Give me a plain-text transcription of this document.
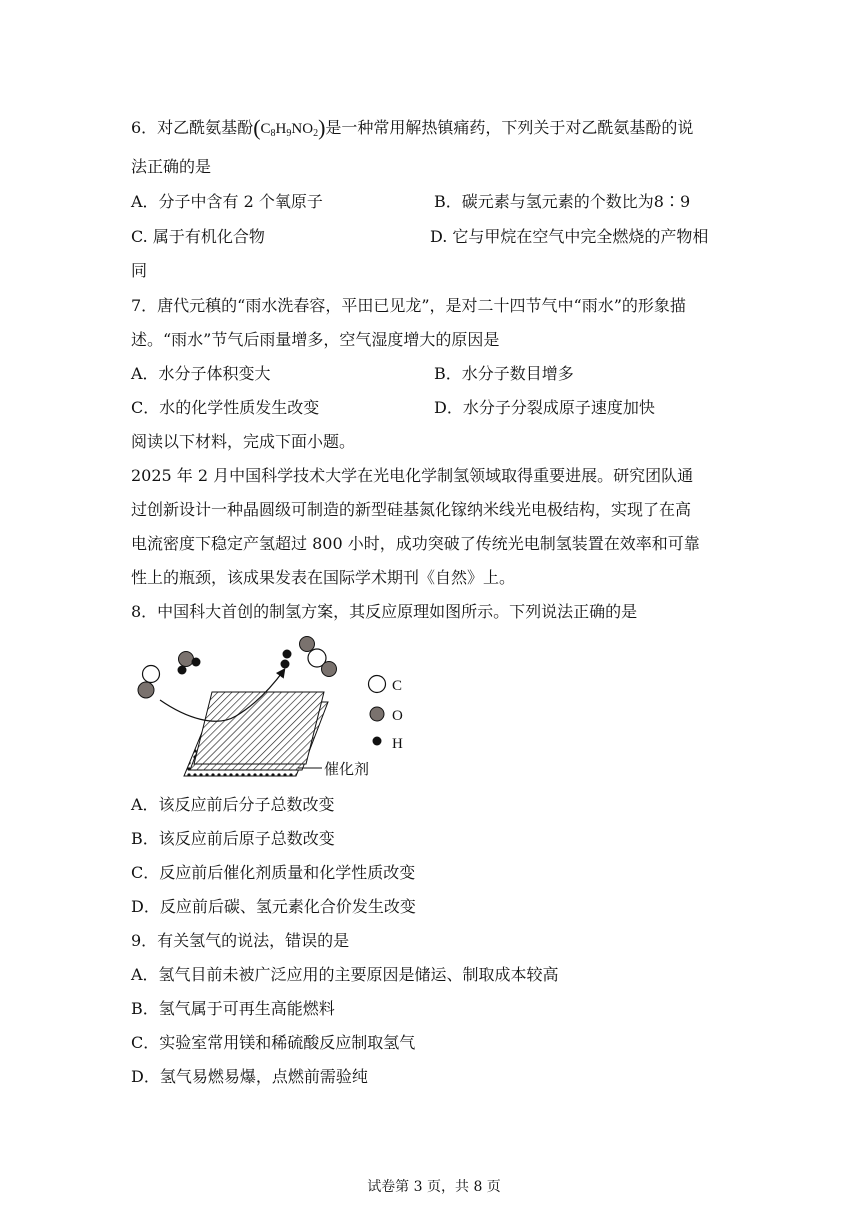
6．对乙酰氨基酚$(C_8H_9NO_2)$是一种常用解热镇痛药，下列关于对乙酰氨基酚的说
法正确的是
A．分子中含有 2 个氧原子	B．碳元素与氢元素的个数比为8∶9
C. 属于有机化合物	D. 它与甲烷在空气中完全燃烧的产物相
同
7．唐代元稹的“雨水洗春容，平田已见龙”，是对二十四节气中“雨水”的形象描
述。“雨水”节气后雨量增多，空气湿度增大的原因是
A．水分子体积变大	B．水分子数目增多
C．水的化学性质发生改变	D．水分子分裂成原子速度加快
阅读以下材料，完成下面小题。
2025 年 2 月中国科学技术大学在光电化学制氢领域取得重要进展。研究团队通
过创新设计一种晶圆级可制造的新型硅基氮化镓纳米线光电极结构，实现了在高
电流密度下稳定产氢超过 800 小时，成功突破了传统光电制氢装置在效率和可靠
性上的瓶颈，该成果发表在国际学术期刊《自然》上。
8．中国科大首创的制氢方案，其反应原理如图所示。下列说法正确的是
催化剂
C
O
H
A．该反应前后分子总数改变
B．该反应前后原子总数改变
C．反应前后催化剂质量和化学性质改变
D．反应前后碳、氢元素化合价发生改变
9．有关氢气的说法，错误的是
A．氢气目前未被广泛应用的主要原因是储运、制取成本较高
B．氢气属于可再生高能燃料
C．实验室常用镁和稀硫酸反应制取氢气
D．氢气易燃易爆，点燃前需验纯
试卷第 3 页，共 8 页
